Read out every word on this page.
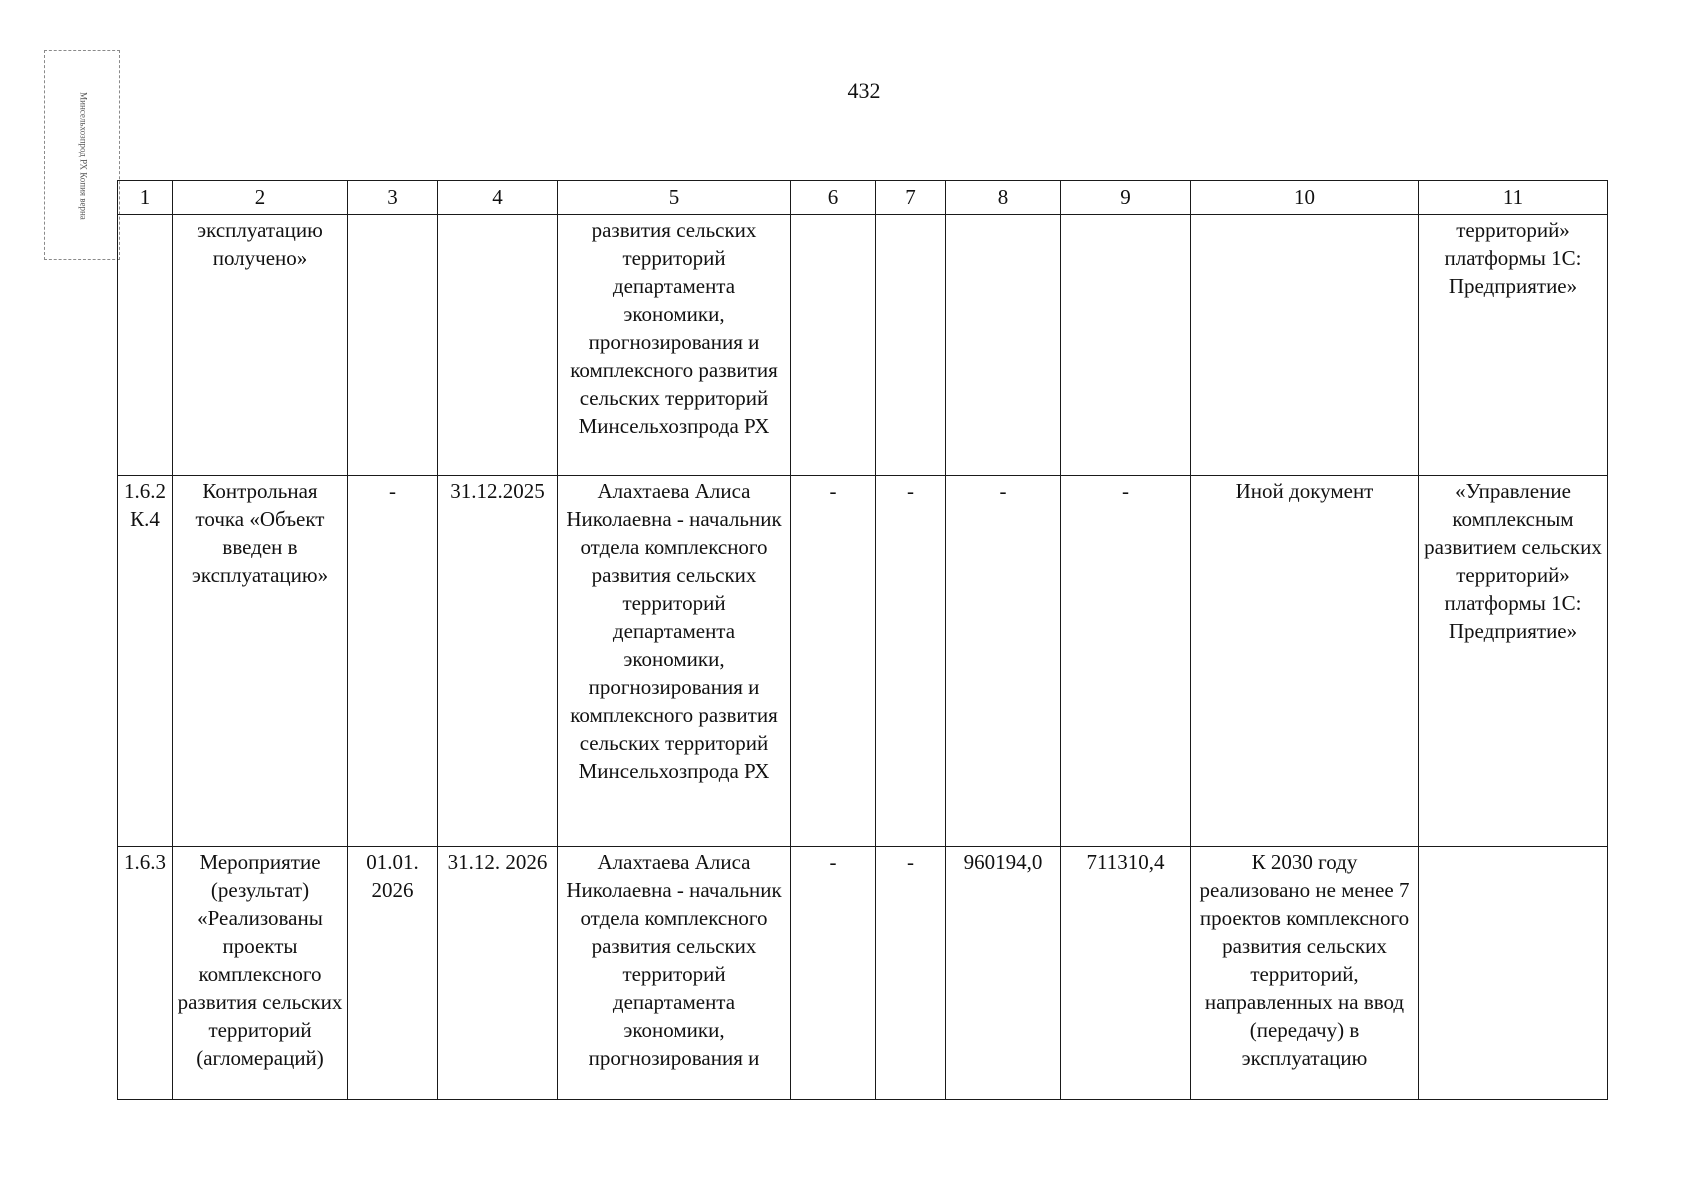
432
Минсельхозпрод РХ Копия верна 1	2	3	4	5	6	7	8	9	10	11
	эксплуатацию получено»			развития сельских территорий департамента экономики, прогнозирования и комплексного развития сельских территорий Минсельхозпрода РХ						территорий» платформы 1С: Предприятие»
1.6.2 К.4	Контрольная точка «Объект введен в эксплуатацию»	-	31.12.2025	Алахтаева Алиса Николаевна - начальник отдела комплексного развития сельских территорий департамента экономики, прогнозирования и комплексного развития сельских территорий Минсельхозпрода РХ	-	-	-	-	Иной документ	«Управление комплексным развитием сельских территорий» платформы 1С: Предприятие»
1.6.3	Мероприятие (результат) «Реализованы проекты комплексного развития сельских территорий (агломераций)	01.01. 2026	31.12. 2026	Алахтаева Алиса Николаевна - начальник отдела комплексного развития сельских территорий департамента экономики, прогнозирования и	-	-	960194,0	711310,4	К 2030 году реализовано не менее 7 проектов комплексного развития сельских территорий, направленных на ввод (передачу) в эксплуатацию	
